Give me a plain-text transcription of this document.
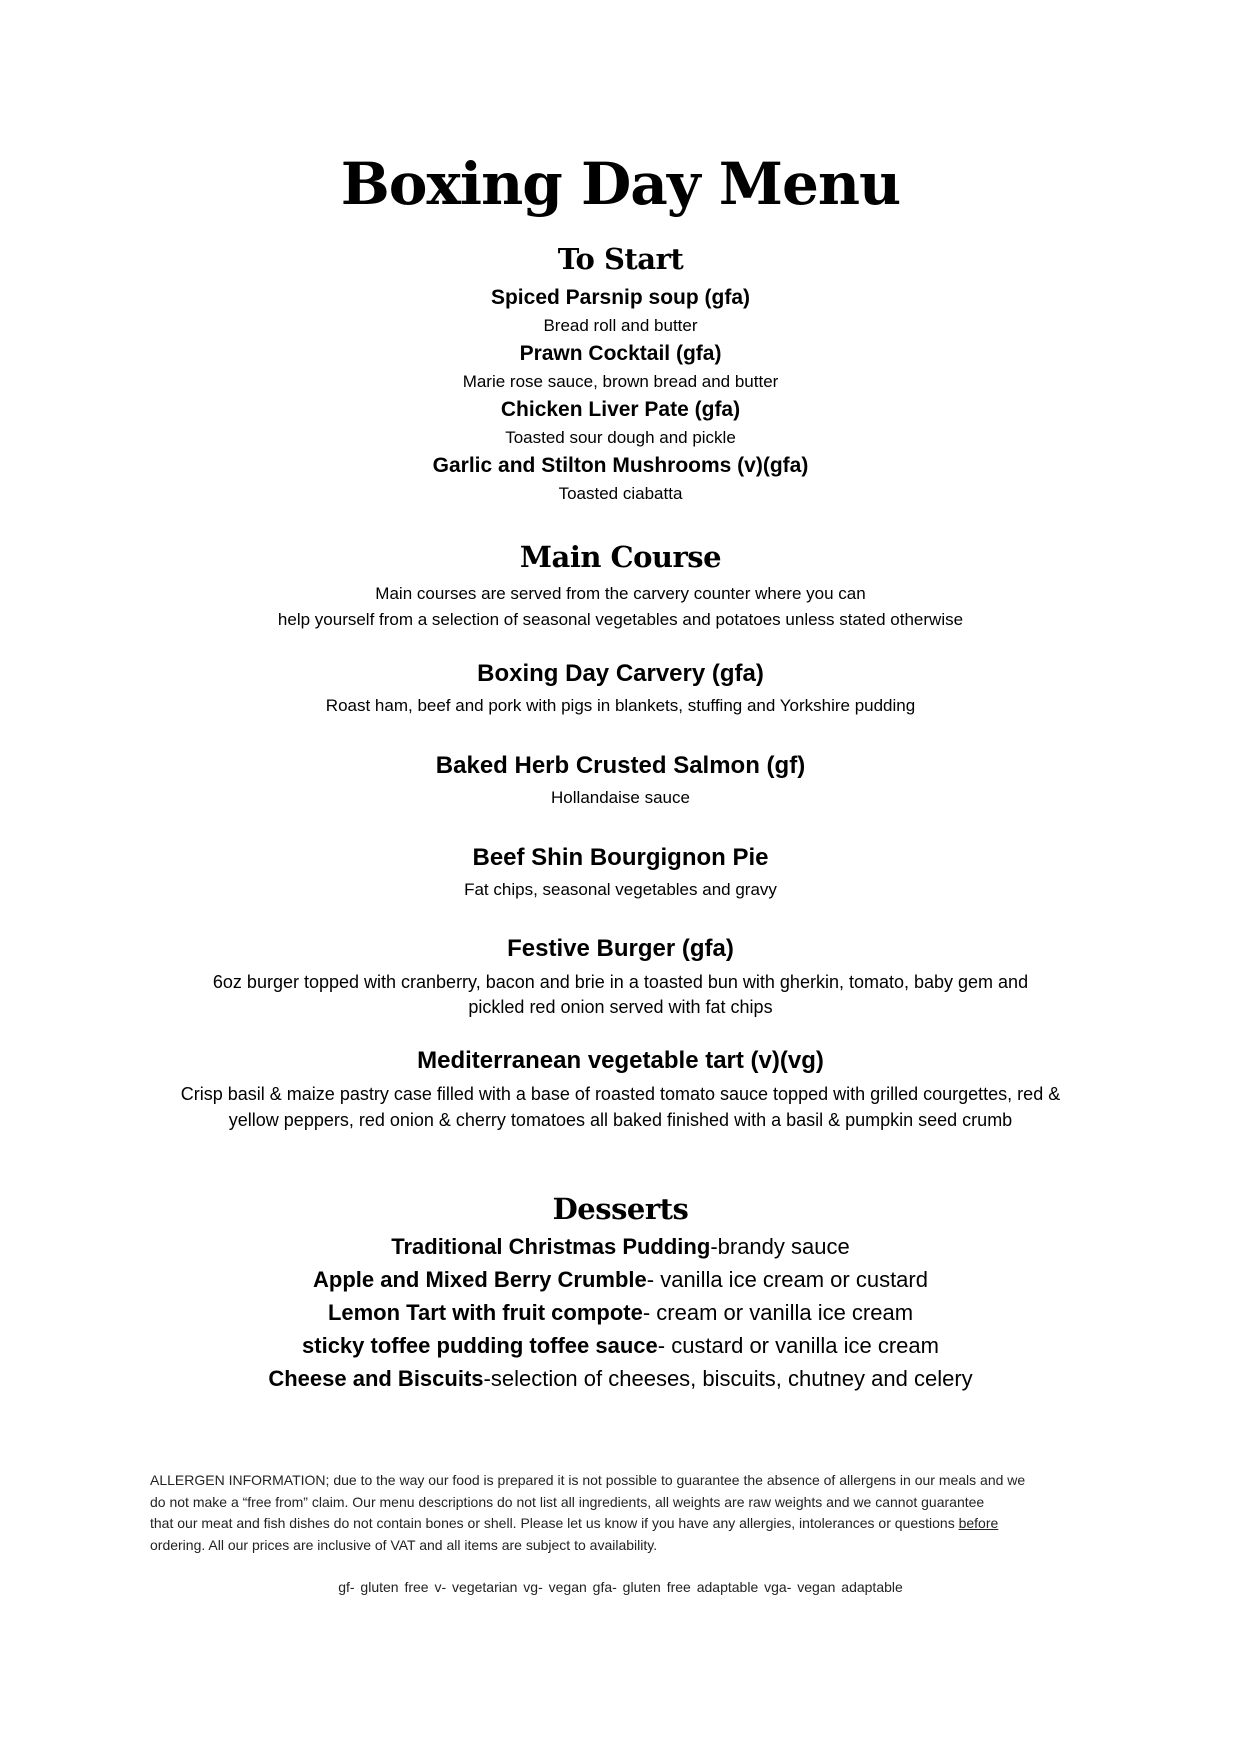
Boxing Day Menu
To Start
Spiced Parsnip soup (gfa)
Bread roll and butter
Prawn Cocktail (gfa)
Marie rose sauce, brown bread and butter
Chicken Liver Pate (gfa)
Toasted sour dough and pickle
Garlic and Stilton Mushrooms (v)(gfa)
Toasted ciabatta
Main Course
Main courses are served from the carvery counter where you can
help yourself from a selection of seasonal vegetables and potatoes unless stated otherwise
Boxing Day Carvery (gfa)
Roast ham, beef and pork with pigs in blankets, stuffing and Yorkshire pudding
Baked Herb Crusted Salmon (gf)
Hollandaise sauce
Beef Shin Bourgignon Pie
Fat chips, seasonal vegetables and gravy
Festive Burger (gfa)
6oz burger topped with cranberry, bacon and brie in a toasted bun with gherkin, tomato, baby gem and
pickled red onion served with fat chips
Mediterranean vegetable tart (v)(vg)
Crisp basil & maize pastry case filled with a base of roasted tomato sauce topped with grilled courgettes, red &
yellow peppers, red onion & cherry tomatoes all baked finished with a basil & pumpkin seed crumb
Desserts
Traditional Christmas Pudding-brandy sauce
Apple and Mixed Berry Crumble- vanilla ice cream or custard
Lemon Tart with fruit compote- cream or vanilla ice cream
sticky toffee pudding toffee sauce- custard or vanilla ice cream
Cheese and Biscuits-selection of cheeses, biscuits, chutney and celery
ALLERGEN INFORMATION; due to the way our food is prepared it is not possible to guarantee the absence of allergens in our meals and we
do not make a “free from” claim. Our menu descriptions do not list all ingredients, all weights are raw weights and we cannot guarantee
that our meat and fish dishes do not contain bones or shell. Please let us know if you have any allergies, intolerances or questions before
ordering. All our prices are inclusive of VAT and all items are subject to availability.
gf- gluten free v- vegetarian vg- vegan gfa- gluten free adaptable vga- vegan adaptable
